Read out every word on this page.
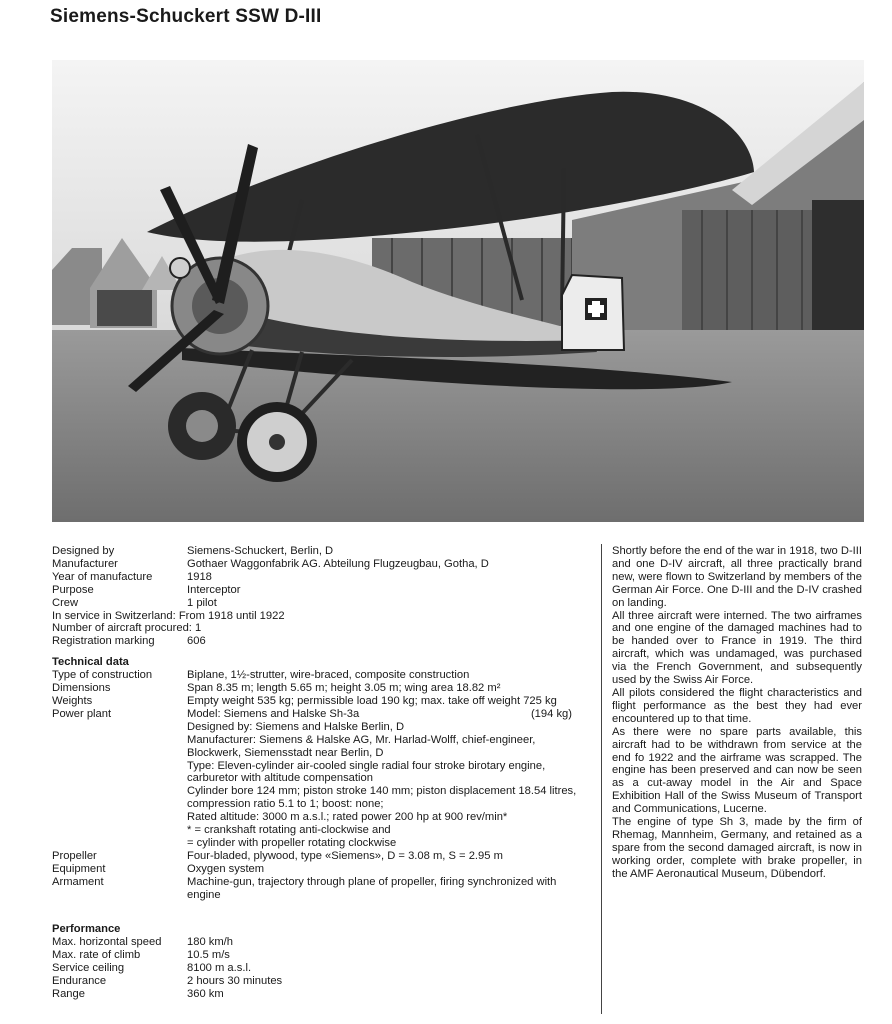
Siemens-Schuckert SSW D-III
Designed by	Siemens-Schuckert, Berlin, D
Manufacturer	Gothaer Waggonfabrik AG. Abteilung Flugzeugbau, Gotha, D
Year of manufacture	1918
Purpose	Interceptor
Crew	1 pilot
In service in Switzerland: From 1918 until 1922
Number of aircraft procured: 1
Registration marking	606
Technical data
Type of construction	Biplane, 1½-strutter, wire-braced, composite construction
Dimensions	Span 8.35 m; length 5.65 m; height 3.05 m; wing area 18.82 m²
Weights	Empty weight 535 kg; permissible load 190 kg; max. take off weight 725 kg
Power plant	Model: Siemens and Halske Sh-3a	(194 kg)
Designed by: Siemens and Halske Berlin, D
Manufacturer: Siemens & Halske AG, Mr. Harlad-Wolff, chief-engineer, Blockwerk, Siemensstadt near Berlin, D
Type: Eleven-cylinder air-cooled single radial four stroke birotary engine, carburetor with altitude compensation
Cylinder bore 124 mm; piston stroke 140 mm; piston displacement 18.54 litres, compression ratio 5.1 to 1; boost: none;
Rated altitude: 3000 m a.s.l.; rated power 200 hp at 900 rev/min*
* = crankshaft rotating anti-clockwise and
= cylinder with propeller rotating clockwise
Propeller	Four-bladed, plywood, type «Siemens», D = 3.08 m, S = 2.95 m
Equipment	Oxygen system
Armament	Machine-gun, trajectory through plane of propeller, firing synchronized with engine
Performance
Max. horizontal speed	180 km/h
Max. rate of climb	10.5 m/s
Service ceiling	8100 m a.s.l.
Endurance	2 hours 30 minutes
Range	360 km

Shortly before the end of the war in 1918, two D-III and one D-IV aircraft, all three practically brand new, were flown to Switzerland by members of the German Air Force. One D-III and the D-IV crashed on landing.

All three aircraft were interned. The two airframes and one engine of the damaged machines had to be handed over to France in 1919. The third aircraft, which was undamaged, was purchased via the French Government, and subsequently used by the Swiss Air Force.

All pilots considered the flight characteristics and flight performance as the best they had ever encountered up to that time.

As there were no spare parts available, this aircraft had to be withdrawn from service at the end fo 1922 and the airframe was scrapped. The engine has been preserved and can now be seen as a cut-away model in the Air and Space Exhibition Hall of the Swiss Museum of Transport and Communications, Lucerne.

The engine of type Sh 3, made by the firm of Rhemag, Mannheim, Germany, and retained as a spare from the second damaged aircraft, is now in working order, complete with brake propeller, in the AMF Aeronautical Museum, Dübendorf.
